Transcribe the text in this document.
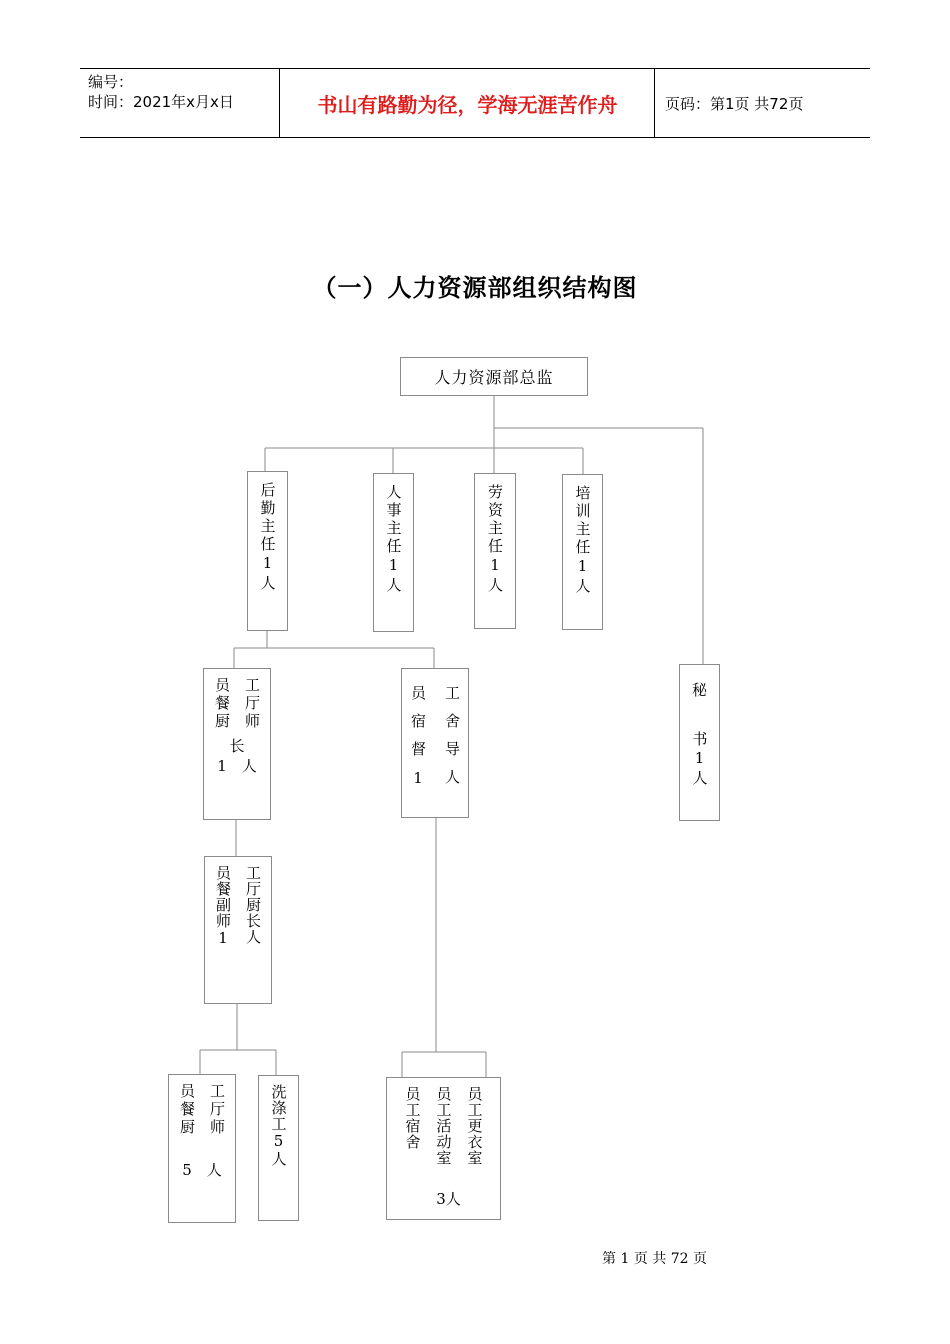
编号：
时间：2021年x月x日	书山有路勤为径，学海无涯苦作舟	页码：第1页 共72页
（一）人力资源部组织结构图
人力资源部总监
后勤主任1人	人事主任1人	劳资主任1人	培训主任1人
秘
书1人
工厅师
员餐厨
长
1　人	工舍导人
员宿督1
工厅厨长人
员餐副师1
工厅师
员餐厨
5　人
洗涤工5人	员工更衣室
员工活动室
员工宿舍
3人
第 1 页 共 72 页
